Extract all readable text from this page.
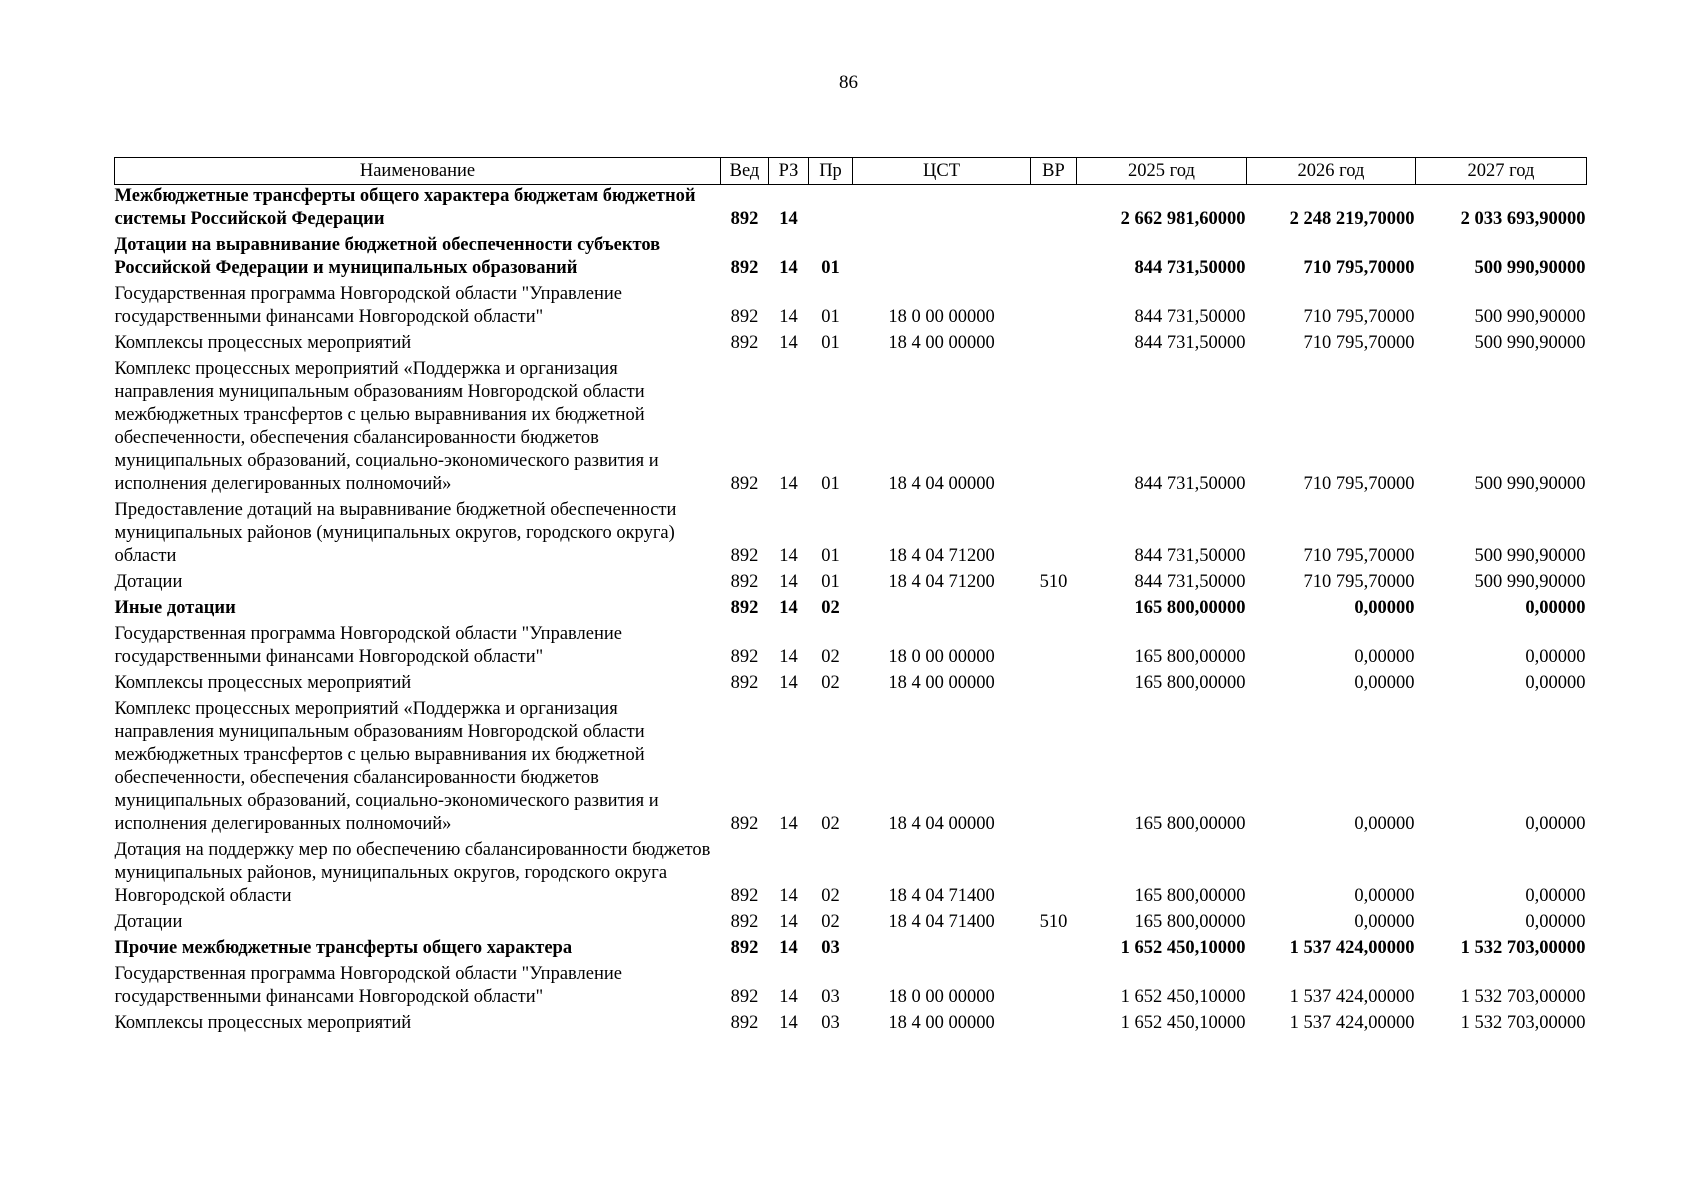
86
Наименование	Вед	РЗ	Пр	ЦСТ	ВР	2025 год	2026 год	2027 год
Межбюджетные трансферты общего характера бюджетам бюджетной системы Российской Федерации	892	14				2 662 981,60000	2 248 219,70000	2 033 693,90000
Дотации на выравнивание бюджетной обеспеченности субъектов Российской Федерации и муниципальных образований	892	14	01			844 731,50000	710 795,70000	500 990,90000
Государственная программа Новгородской области "Управление государственными финансами Новгородской области"	892	14	01	18 0 00 00000		844 731,50000	710 795,70000	500 990,90000
Комплексы процессных мероприятий	892	14	01	18 4 00 00000		844 731,50000	710 795,70000	500 990,90000
Комплекс процессных мероприятий «Поддержка и организация направления муниципальным образованиям Новгородской области межбюджетных трансфертов с целью выравнивания их бюджетной обеспеченности, обеспечения сбалансированности бюджетов муниципальных образований, социально-экономического развития и исполнения делегированных полномочий»	892	14	01	18 4 04 00000		844 731,50000	710 795,70000	500 990,90000
Предоставление дотаций на выравнивание бюджетной обеспеченности муниципальных районов (муниципальных округов, городского округа) области	892	14	01	18 4 04 71200		844 731,50000	710 795,70000	500 990,90000
Дотации	892	14	01	18 4 04 71200	510	844 731,50000	710 795,70000	500 990,90000
Иные дотации	892	14	02			165 800,00000	0,00000	0,00000
Государственная программа Новгородской области "Управление государственными финансами Новгородской области"	892	14	02	18 0 00 00000		165 800,00000	0,00000	0,00000
Комплексы процессных мероприятий	892	14	02	18 4 00 00000		165 800,00000	0,00000	0,00000
Комплекс процессных мероприятий «Поддержка и организация направления муниципальным образованиям Новгородской области межбюджетных трансфертов с целью выравнивания их бюджетной обеспеченности, обеспечения сбалансированности бюджетов муниципальных образований, социально-экономического развития и исполнения делегированных полномочий»	892	14	02	18 4 04 00000		165 800,00000	0,00000	0,00000
Дотация на поддержку мер по обеспечению сбалансированности бюджетов муниципальных районов, муниципальных округов, городского округа Новгородской области	892	14	02	18 4 04 71400		165 800,00000	0,00000	0,00000
Дотации	892	14	02	18 4 04 71400	510	165 800,00000	0,00000	0,00000
Прочие межбюджетные трансферты общего характера	892	14	03			1 652 450,10000	1 537 424,00000	1 532 703,00000
Государственная программа Новгородской области "Управление государственными финансами Новгородской области"	892	14	03	18 0 00 00000		1 652 450,10000	1 537 424,00000	1 532 703,00000
Комплексы процессных мероприятий	892	14	03	18 4 00 00000		1 652 450,10000	1 537 424,00000	1 532 703,00000
